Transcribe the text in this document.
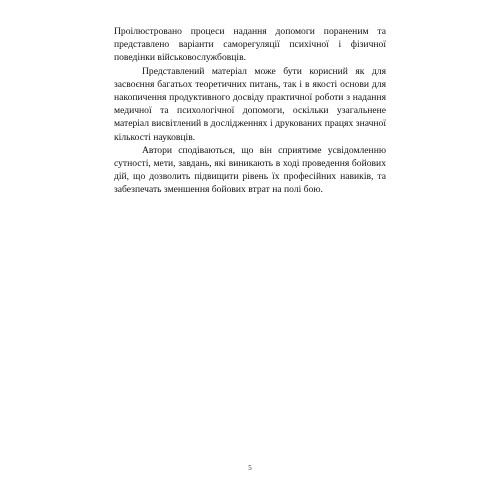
Проілюстровано процеси надання допомоги пораненим та представлено варіанти саморегуляції психічної і фізичної поведінки військовослужбовців.

Представлений матеріал може бути корисний як для засвоєння багатьох теоретичних питань, так і в якості основи для накопичення продуктивного досвіду практичної роботи з надання медичної та психологічної допомоги, оскільки узагальнене матеріал висвітлений в дослідженнях і друкованих працях значної кількості науковців.

Автори сподіваються, що він сприятиме усвідомленню сутності, мети, завдань, які виникають в ході проведення бойових дій, що дозволить підвищити рівень їх професійних навиків, та забезпечать зменшення бойових втрат на полі бою.

5
